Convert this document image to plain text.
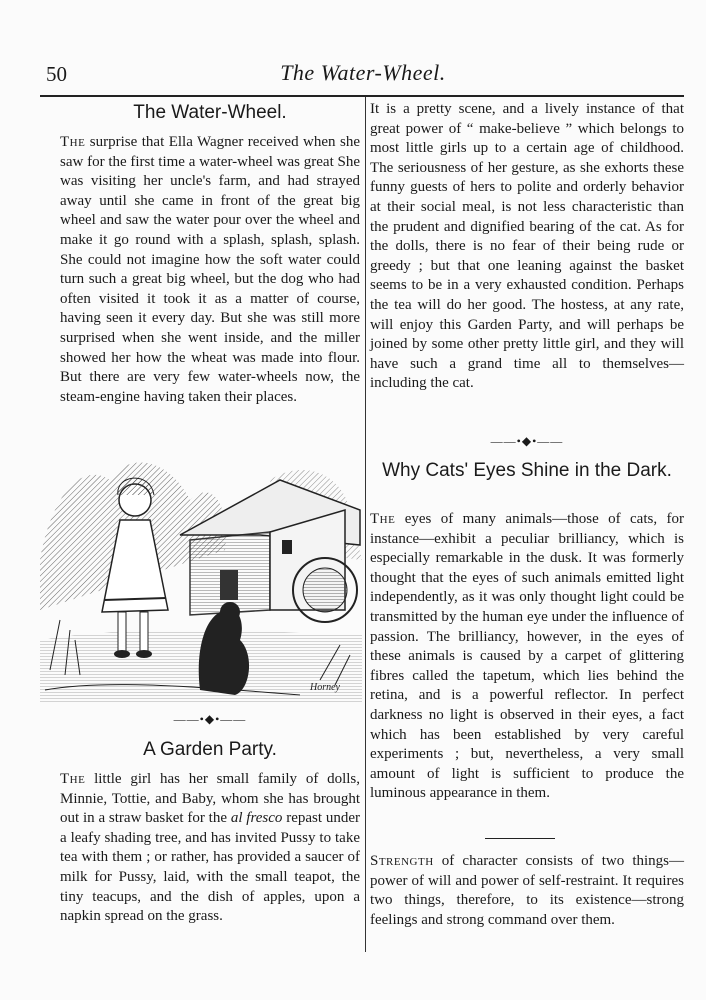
50	The Water-Wheel.
The Water-Wheel.

The surprise that Ella Wagner received when she saw for the first time a water-wheel was great She was visiting her uncle's farm, and had strayed away until she came in front of the great big wheel and saw the water pour over the wheel and make it go round with a splash, splash, splash. She could not imagine how the soft water could turn such a great big wheel, but the dog who had often visited it took it as a matter of course, having seen it every day. But she was still more surprised when she went inside, and the miller showed her how the wheat was made into flour. But there are very few water-wheels now, the steam-engine having taken their places.

Horney
——•◆•——
A Garden Party.

The little girl has her small family of dolls, Minnie, Tottie, and Baby, whom she has brought out in a straw basket for the al fresco repast under a leafy shading tree, and has invited Pussy to take tea with them ; or rather, has provided a saucer of milk for Pussy, laid, with the small teapot, the tiny teacups, and the dish of apples, upon a napkin spread on the grass.

It is a pretty scene, and a lively instance of that great power of “ make-believe ” which belongs to most little girls up to a certain age of childhood. The seriousness of her gesture, as she exhorts these funny guests of hers to polite and orderly behavior at their social meal, is not less characteristic than the prudent and dignified bearing of the cat. As for the dolls, there is no fear of their being rude or greedy ; but that one leaning against the basket seems to be in a very exhausted condition. Perhaps the tea will do her good. The hostess, at any rate, will enjoy this Garden Party, and will perhaps be joined by some other pretty little girl, and they will have such a grand time all to themselves—including the cat.

——•◆•——
Why Cats' Eyes Shine in the Dark.

The eyes of many animals—those of cats, for instance—exhibit a peculiar brilliancy, which is especially remarkable in the dusk. It was formerly thought that the eyes of such animals emitted light independently, as it was only thought light could be transmitted by the human eye under the influence of passion. The brilliancy, however, in the eyes of these animals is caused by a carpet of glittering fibres called the tapetum, which lies behind the retina, and is a powerful reflector. In perfect darkness no light is observed in their eyes, a fact which has been established by very careful experiments ; but, nevertheless, a very small amount of light is sufficient to produce the luminous appearance in them.

Strength of character consists of two things—power of will and power of self-restraint. It requires two things, therefore, to its existence—strong feelings and strong command over them.
